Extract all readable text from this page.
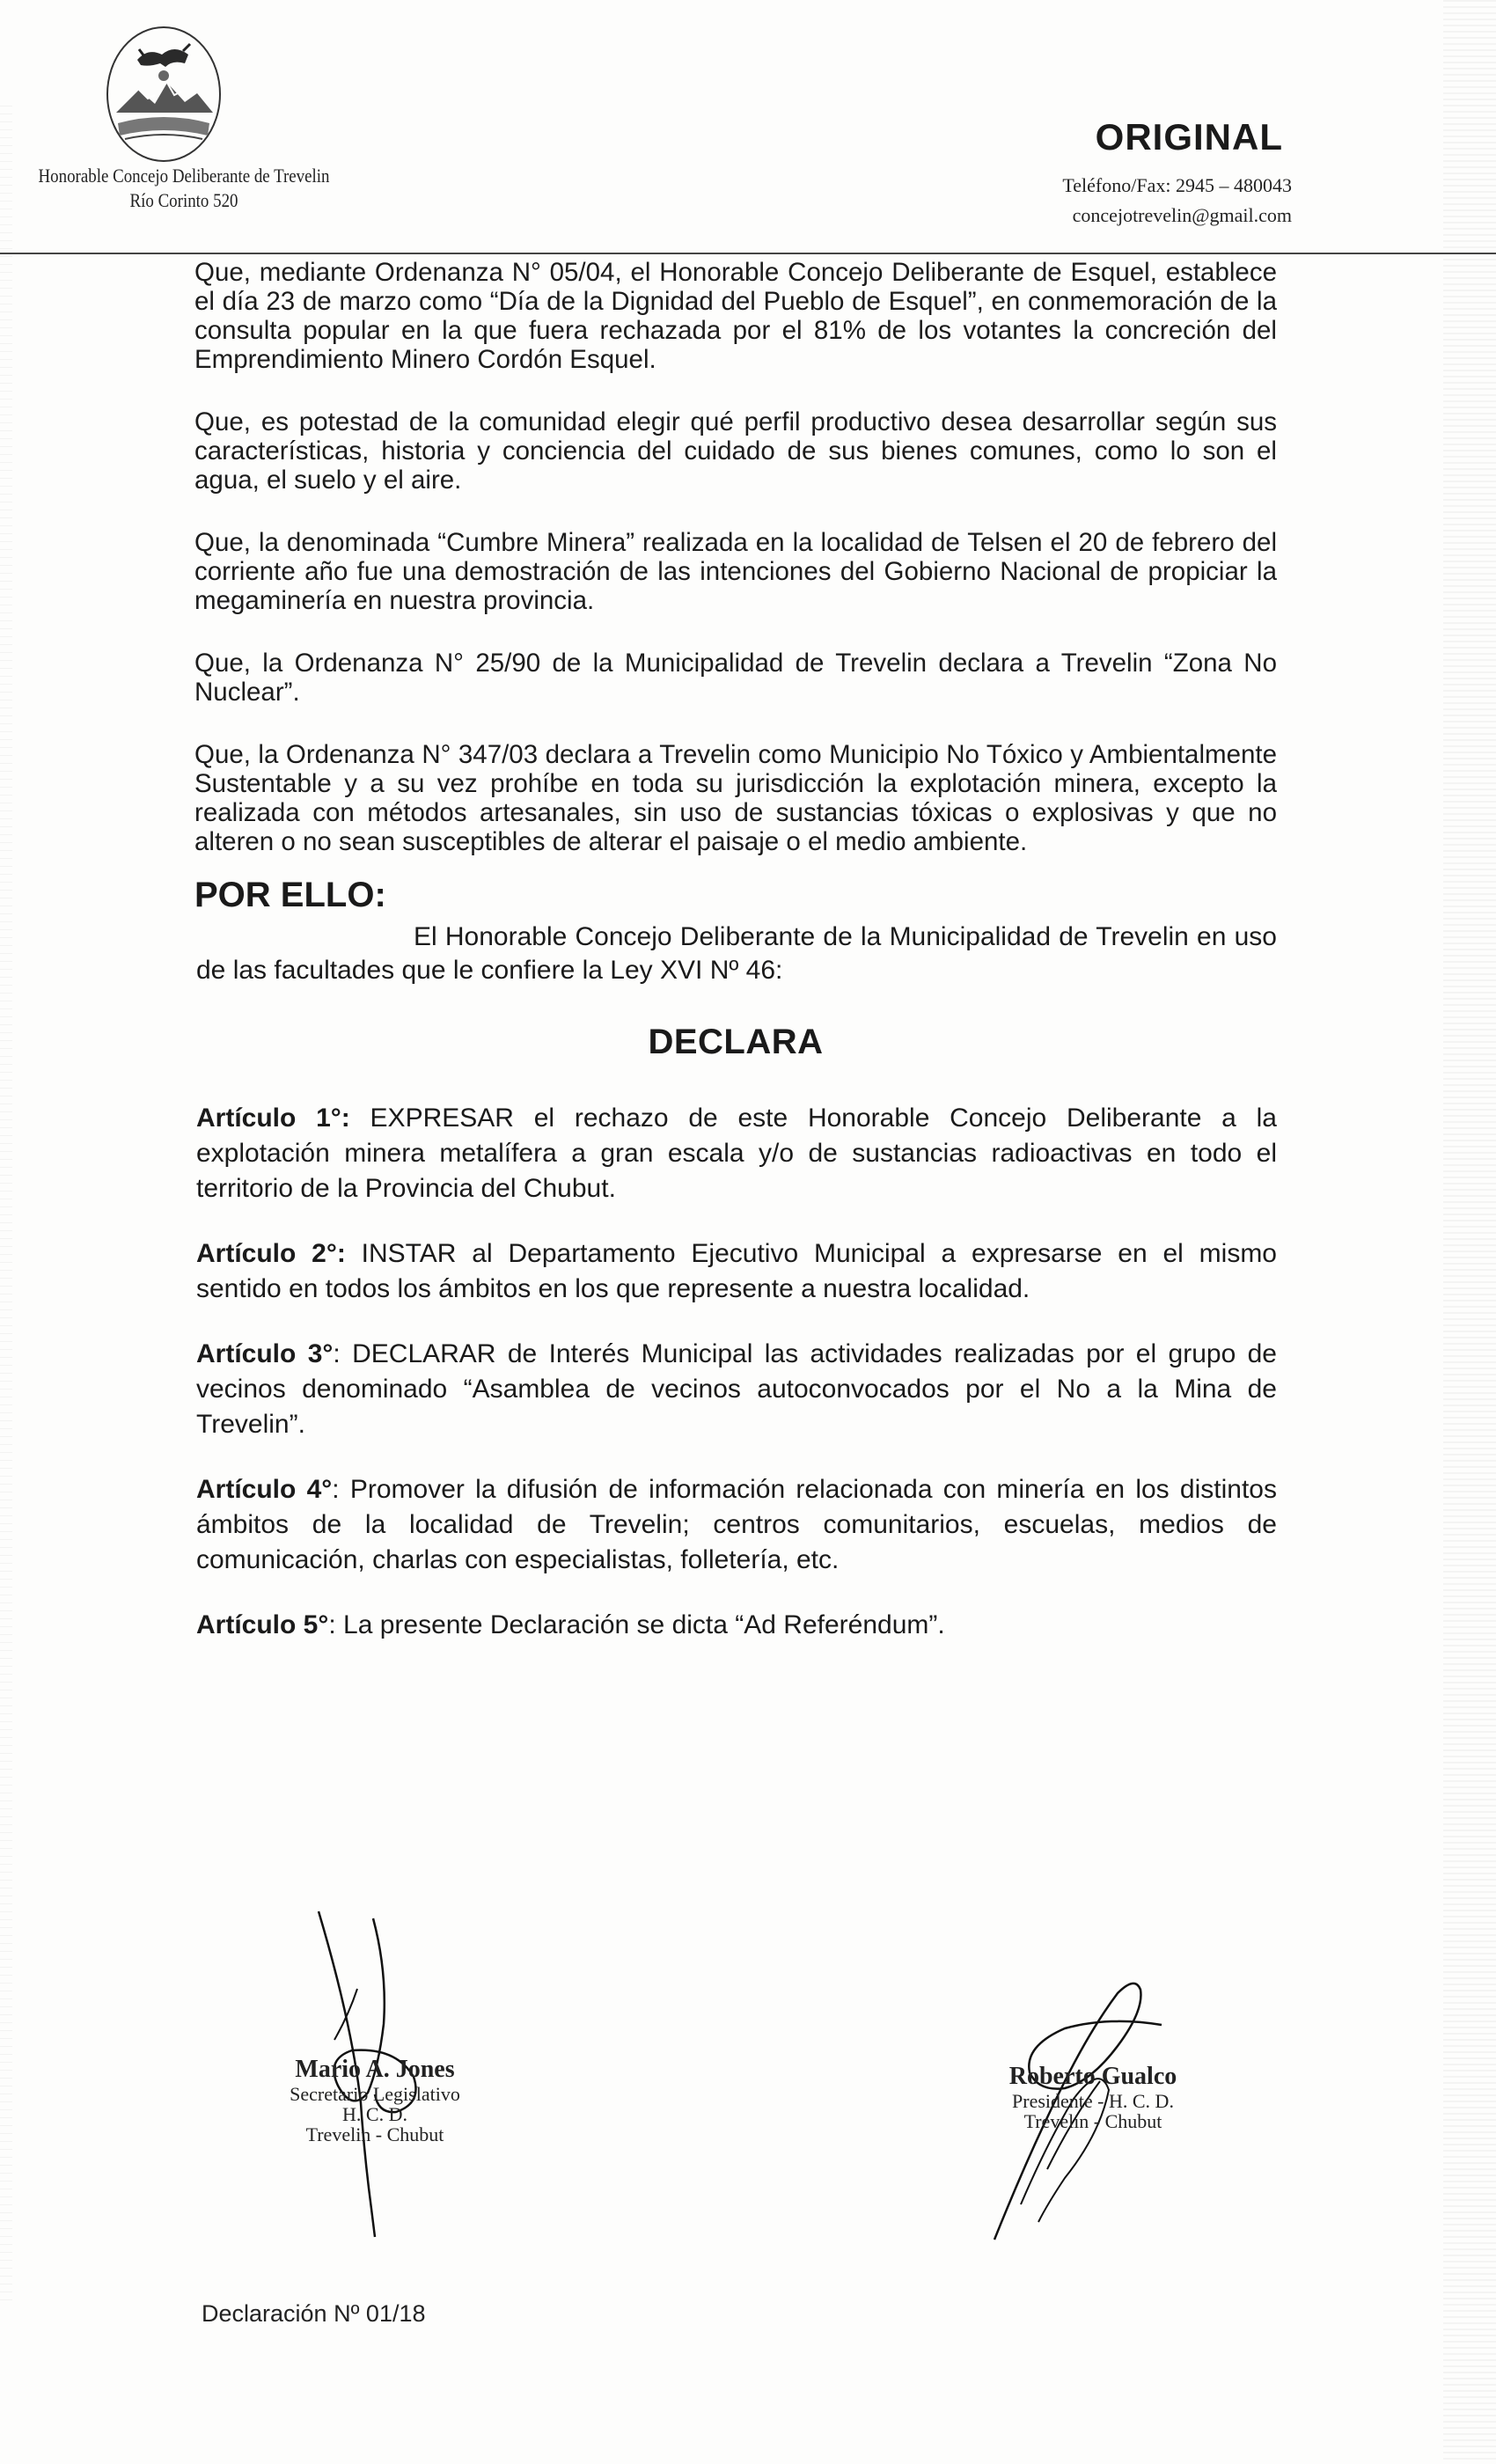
Honorable Concejo Deliberante de Trevelin
Río Corinto 520
ORIGINAL
Teléfono/Fax: 2945 – 480043
concejotrevelin@gmail.com

Que, mediante Ordenanza N° 05/04, el Honorable Concejo Deliberante de Esquel, establece el día 23 de marzo como “Día de la Dignidad del Pueblo de Esquel”, en conmemoración de la consulta popular en la que fuera rechazada por el 81% de los votantes la concreción del Emprendimiento Minero Cordón Esquel.

Que, es potestad de la comunidad elegir qué perfil productivo desea desarrollar según sus características, historia y conciencia del cuidado de sus bienes comunes, como lo son el agua, el suelo y el aire.

Que, la denominada “Cumbre Minera” realizada en la localidad de Telsen el 20 de febrero del corriente año fue una demostración de las intenciones del Gobierno Nacional de propiciar la megaminería en nuestra provincia.

Que, la Ordenanza N° 25/90 de la Municipalidad de Trevelin declara a Trevelin “Zona No Nuclear”.

Que, la Ordenanza N° 347/03 declara a Trevelin como Municipio No Tóxico y Ambientalmente Sustentable y a su vez prohíbe en toda su jurisdicción la explotación minera, excepto la realizada con métodos artesanales, sin uso de sustancias tóxicas o explosivas y que no alteren o no sean susceptibles de alterar el paisaje o el medio ambiente.

POR ELLO:

El Honorable Concejo Deliberante de la Municipalidad de Trevelin en uso de las facultades que le confiere la Ley XVI Nº 46:

DECLARA

Artículo 1°: EXPRESAR el rechazo de este Honorable Concejo Deliberante a la explotación minera metalífera a gran escala y/o de sustancias radioactivas en todo el territorio de la Provincia del Chubut.

Artículo 2°: INSTAR al Departamento Ejecutivo Municipal a expresarse en el mismo sentido en todos los ámbitos en los que represente a nuestra localidad.

Artículo 3°: DECLARAR de Interés Municipal las actividades realizadas por el grupo de vecinos denominado “Asamblea de vecinos autoconvocados por el No a la Mina de Trevelin”.

Artículo 4°: Promover la difusión de información relacionada con minería en los distintos ámbitos de la localidad de Trevelin; centros comunitarios, escuelas, medios de comunicación, charlas con especialistas, folletería, etc.

Artículo 5°: La presente Declaración se dicta “Ad Referéndum”.

Mario A. Jones
Secretario Legislativo
H. C. D.
Trevelin - Chubut
Roberto Gualco
Presidente - H. C. D.
Trevelin - Chubut
Declaración Nº 01/18
